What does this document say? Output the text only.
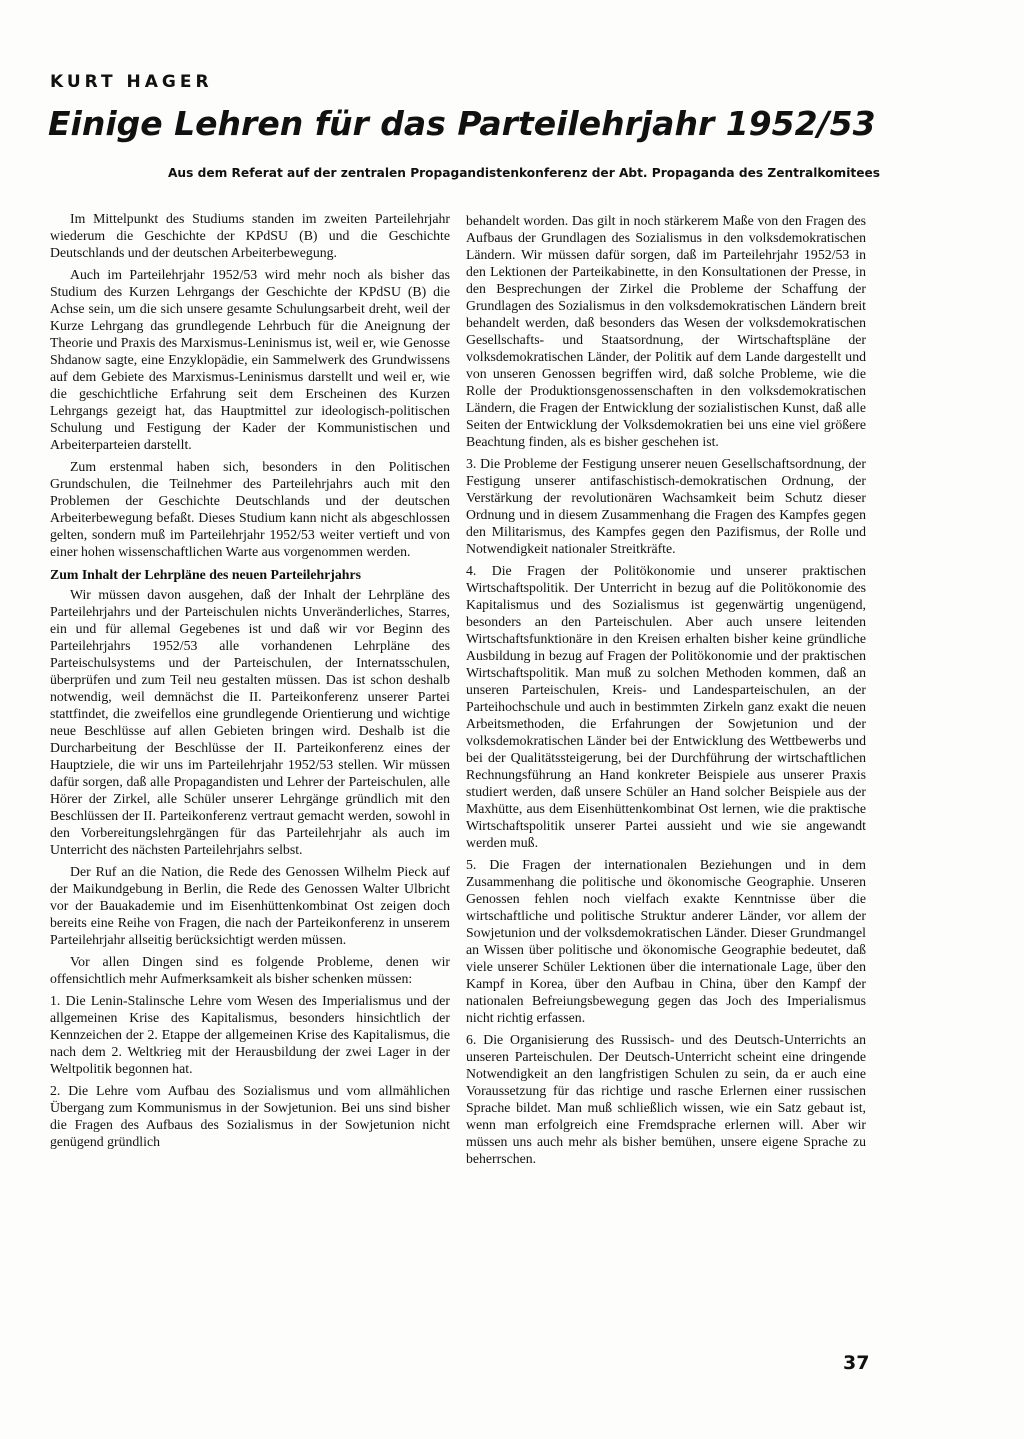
KURT HAGER

Einige Lehren für das Parteilehrjahr 1952/53

Aus dem Referat auf der zentralen Propagandistenkonferenz der Abt. Propaganda des Zentralkomitees

Im Mittelpunkt des Studiums standen im zweiten Parteilehrjahr wiederum die Geschichte der KPdSU (B) und die Geschichte Deutschlands und der deutschen Arbeiterbewegung.

Auch im Parteilehrjahr 1952/53 wird mehr noch als bisher das Studium des Kurzen Lehrgangs der Geschichte der KPdSU (B) die Achse sein, um die sich unsere gesamte Schulungsarbeit dreht, weil der Kurze Lehrgang das grundlegende Lehrbuch für die Aneignung der Theorie und Praxis des Marxismus-Leninismus ist, weil er, wie Genosse Shdanow sagte, eine Enzyklopädie, ein Sammelwerk des Grundwissens auf dem Gebiete des Marxismus-Leninismus darstellt und weil er, wie die geschichtliche Erfahrung seit dem Erscheinen des Kurzen Lehrgangs gezeigt hat, das Hauptmittel zur ideologisch-politischen Schulung und Festigung der Kader der Kommunistischen und Arbeiterparteien darstellt.

Zum erstenmal haben sich, besonders in den Politischen Grundschulen, die Teilnehmer des Parteilehrjahrs auch mit den Problemen der Geschichte Deutschlands und der deutschen Arbeiterbewegung befaßt. Dieses Studium kann nicht als abgeschlossen gelten, sondern muß im Parteilehrjahr 1952/53 weiter vertieft und von einer hohen wissenschaftlichen Warte aus vorgenommen werden.

Zum Inhalt der Lehrpläne des neuen Parteilehrjahrs

Wir müssen davon ausgehen, daß der Inhalt der Lehrpläne des Parteilehrjahrs und der Parteischulen nichts Unveränderliches, Starres, ein und für allemal Gegebenes ist und daß wir vor Beginn des Parteilehrjahrs 1952/53 alle vorhandenen Lehrpläne des Parteischulsystems und der Parteischulen, der Internatsschulen, überprüfen und zum Teil neu gestalten müssen. Das ist schon deshalb notwendig, weil demnächst die II. Parteikonferenz unserer Partei stattfindet, die zweifellos eine grundlegende Orientierung und wichtige neue Beschlüsse auf allen Gebieten bringen wird. Deshalb ist die Durcharbeitung der Beschlüsse der II. Parteikonferenz eines der Hauptziele, die wir uns im Parteilehrjahr 1952/53 stellen. Wir müssen dafür sorgen, daß alle Propagandisten und Lehrer der Parteischulen, alle Hörer der Zirkel, alle Schüler unserer Lehrgänge gründlich mit den Beschlüssen der II. Parteikonferenz vertraut gemacht werden, sowohl in den Vorbereitungslehrgängen für das Parteilehrjahr als auch im Unterricht des nächsten Parteilehrjahrs selbst.

Der Ruf an die Nation, die Rede des Genossen Wilhelm Pieck auf der Maikundgebung in Berlin, die Rede des Genossen Walter Ulbricht vor der Bauakademie und im Eisenhüttenkombinat Ost zeigen doch bereits eine Reihe von Fragen, die nach der Parteikonferenz in unserem Parteilehrjahr allseitig berücksichtigt werden müssen.

Vor allen Dingen sind es folgende Probleme, denen wir offensichtlich mehr Aufmerksamkeit als bisher schenken müssen:

1. Die Lenin-Stalinsche Lehre vom Wesen des Imperialismus und der allgemeinen Krise des Kapitalismus, besonders hinsichtlich der Kennzeichen der 2. Etappe der allgemeinen Krise des Kapitalismus, die nach dem 2. Weltkrieg mit der Herausbildung der zwei Lager in der Weltpolitik begonnen hat.

2. Die Lehre vom Aufbau des Sozialismus und vom allmählichen Übergang zum Kommunismus in der Sowjetunion. Bei uns sind bisher die Fragen des Aufbaus des Sozialismus in der Sowjetunion nicht genügend gründlich

behandelt worden. Das gilt in noch stärkerem Maße von den Fragen des Aufbaus der Grundlagen des Sozialismus in den volksdemokratischen Ländern. Wir müssen dafür sorgen, daß im Parteilehrjahr 1952/53 in den Lektionen der Parteikabinette, in den Konsultationen der Presse, in den Besprechungen der Zirkel die Probleme der Schaffung der Grundlagen des Sozialismus in den volksdemokratischen Ländern breit behandelt werden, daß besonders das Wesen der volksdemokratischen Gesellschafts- und Staatsordnung, der Wirtschaftspläne der volksdemokratischen Länder, der Politik auf dem Lande dargestellt und von unseren Genossen begriffen wird, daß solche Probleme, wie die Rolle der Produktionsgenossenschaften in den volksdemokratischen Ländern, die Fragen der Entwicklung der sozialistischen Kunst, daß alle Seiten der Entwicklung der Volksdemokratien bei uns eine viel größere Beachtung finden, als es bisher geschehen ist.

3. Die Probleme der Festigung unserer neuen Gesellschaftsordnung, der Festigung unserer antifaschistisch-demokratischen Ordnung, der Verstärkung der revolutionären Wachsamkeit beim Schutz dieser Ordnung und in diesem Zusammenhang die Fragen des Kampfes gegen den Militarismus, des Kampfes gegen den Pazifismus, der Rolle und Notwendigkeit nationaler Streitkräfte.

4. Die Fragen der Politökonomie und unserer praktischen Wirtschaftspolitik. Der Unterricht in bezug auf die Politökonomie des Kapitalismus und des Sozialismus ist gegenwärtig ungenügend, besonders an den Parteischulen. Aber auch unsere leitenden Wirtschaftsfunktionäre in den Kreisen erhalten bisher keine gründliche Ausbildung in bezug auf Fragen der Politökonomie und der praktischen Wirtschaftspolitik. Man muß zu solchen Methoden kommen, daß an unseren Parteischulen, Kreis- und Landesparteischulen, an der Parteihochschule und auch in bestimmten Zirkeln ganz exakt die neuen Arbeitsmethoden, die Erfahrungen der Sowjetunion und der volksdemokratischen Länder bei der Entwicklung des Wettbewerbs und bei der Qualitätssteigerung, bei der Durchführung der wirtschaftlichen Rechnungsführung an Hand konkreter Beispiele aus unserer Praxis studiert werden, daß unsere Schüler an Hand solcher Beispiele aus der Maxhütte, aus dem Eisenhüttenkombinat Ost lernen, wie die praktische Wirtschaftspolitik unserer Partei aussieht und wie sie angewandt werden muß.

5. Die Fragen der internationalen Beziehungen und in dem Zusammenhang die politische und ökonomische Geographie. Unseren Genossen fehlen noch vielfach exakte Kenntnisse über die wirtschaftliche und politische Struktur anderer Länder, vor allem der Sowjetunion und der volksdemokratischen Länder. Dieser Grundmangel an Wissen über politische und ökonomische Geographie bedeutet, daß viele unserer Schüler Lektionen über die internationale Lage, über den Kampf in Korea, über den Aufbau in China, über den Kampf der nationalen Befreiungsbewegung gegen das Joch des Imperialismus nicht richtig erfassen.

6. Die Organisierung des Russisch- und des Deutsch-Unterrichts an unseren Parteischulen. Der Deutsch-Unterricht scheint eine dringende Notwendigkeit an den langfristigen Schulen zu sein, da er auch eine Voraussetzung für das richtige und rasche Erlernen einer russischen Sprache bildet. Man muß schließlich wissen, wie ein Satz gebaut ist, wenn man erfolgreich eine Fremdsprache erlernen will. Aber wir müssen uns auch mehr als bisher bemühen, unsere eigene Sprache zu beherrschen.

37
